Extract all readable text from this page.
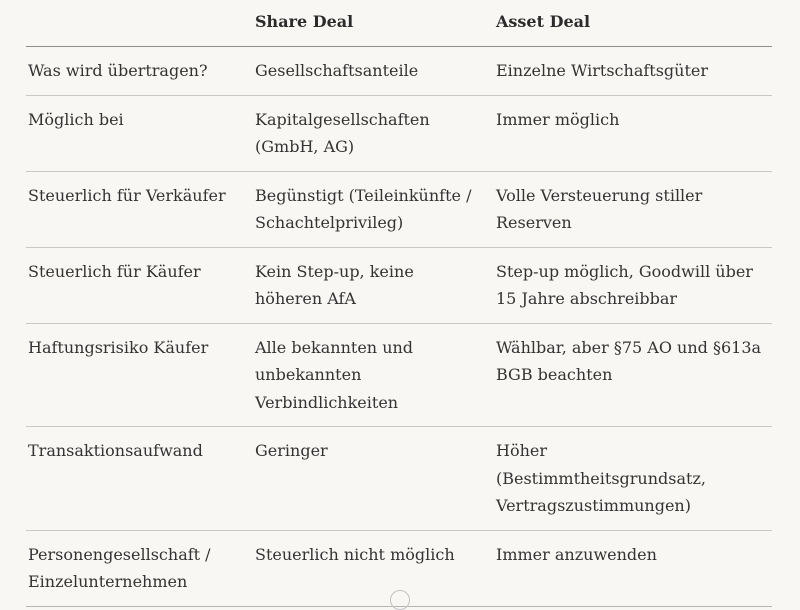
	Share Deal	Asset Deal
Was wird übertragen?	Gesellschaftsanteile	Einzelne Wirtschaftsgüter
Möglich bei	Kapitalgesellschaften (GmbH, AG)	Immer möglich
Steuerlich für Verkäufer	Begünstigt (Teileinkünfte / Schachtelprivileg)	Volle Versteuerung stiller Reserven
Steuerlich für Käufer	Kein Step-up, keine höheren AfA	Step-up möglich, Goodwill über 15 Jahre abschreibbar
Haftungsrisiko Käufer	Alle bekannten und unbekannten Verbindlichkeiten	Wählbar, aber §75 AO und §613a BGB beachten
Transaktionsaufwand	Geringer	Höher (Bestimmtheitsgrundsatz, Vertragszustimmungen)
Personengesellschaft / Einzelunternehmen	Steuerlich nicht möglich	Immer anzuwenden
